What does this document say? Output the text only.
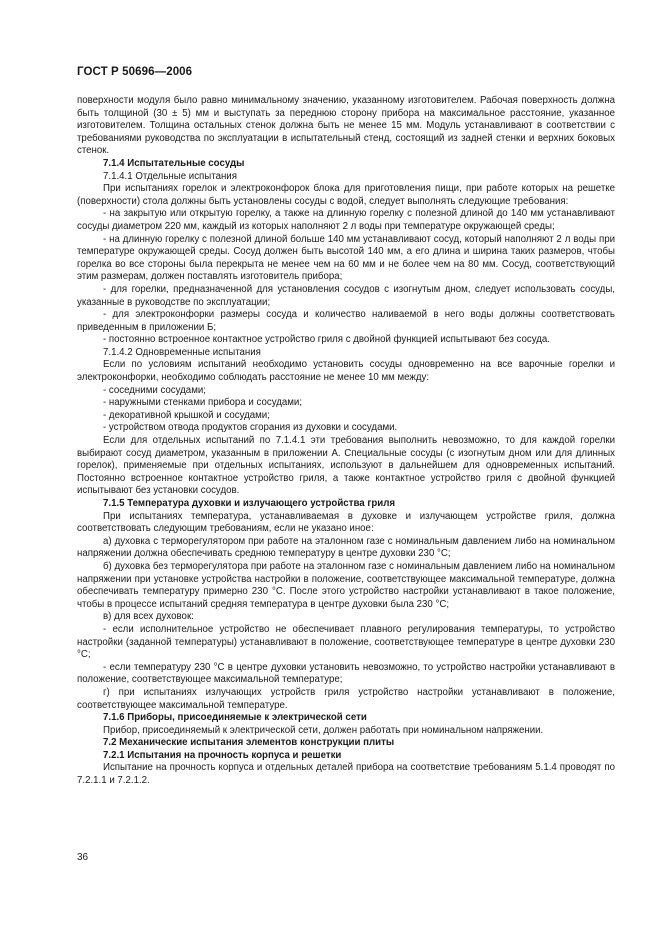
ГОСТ Р 50696—2006

поверхности модуля было равно минимальному значению, указанному изготовителем. Рабочая поверхность должна быть толщиной (30 ± 5) мм и выступать за переднюю сторону прибора на максимальное расстояние, указанное изготовителем. Толщина остальных стенок должна быть не менее 15 мм. Модуль устанавливают в соответствии с требованиями руководства по эксплуатации в испытательный стенд, состоящий из задней стенки и верхних боковых стенок.

7.1.4 Испытательные сосуды

7.1.4.1 Отдельные испытания

При испытаниях горелок и электроконфорок блока для приготовления пищи, при работе которых на решетке (поверхности) стола должны быть установлены сосуды с водой, следует выполнять следующие требования:

- на закрытую или открытую горелку, а также на длинную горелку с полезной длиной до 140 мм устанавливают сосуды диаметром 220 мм, каждый из которых наполняют 2 л воды при температуре окружающей среды;

- на длинную горелку с полезной длиной больше 140 мм устанавливают сосуд, который наполняют 2 л воды при температуре окружающей среды. Сосуд должен быть высотой 140 мм, а его длина и ширина таких размеров, чтобы горелка во все стороны была перекрыта не менее чем на 60 мм и не более чем на 80 мм. Сосуд, соответствующий этим размерам, должен поставлять изготовитель прибора;

- для горелки, предназначенной для установления сосудов с изогнутым дном, следует использовать сосуды, указанные в руководстве по эксплуатации;

- для электроконфорки размеры сосуда и количество наливаемой в него воды должны соответствовать приведенным в приложении Б;

- постоянно встроенное контактное устройство гриля с двойной функцией испытывают без сосуда.

7.1.4.2 Одновременные испытания

Если по условиям испытаний необходимо установить сосуды одновременно на все варочные горелки и электроконфорки, необходимо соблюдать расстояние не менее 10 мм между:

- соседними сосудами;

- наружными стенками прибора и сосудами;

- декоративной крышкой и сосудами;

- устройством отвода продуктов сгорания из духовки и сосудами.

Если для отдельных испытаний по 7.1.4.1 эти требования выполнить невозможно, то для каждой горелки выбирают сосуд диаметром, указанным в приложении А. Специальные сосуды (с изогнутым дном или для длинных горелок), применяемые при отдельных испытаниях, используют в дальнейшем для одновременных испытаний. Постоянно встроенное контактное устройство гриля, а также контактное устройство гриля с двойной функцией испытывают без установки сосудов.

7.1.5 Температура духовки и излучающего устройства гриля

При испытаниях температура, устанавливаемая в духовке и излучающем устройстве гриля, должна соответствовать следующим требованиям, если не указано иное:

а) духовка с терморегулятором при работе на эталонном газе с номинальным давлением либо на номинальном напряжении должна обеспечивать среднюю температуру в центре духовки 230 °С;

б) духовка без терморегулятора при работе на эталонном газе с номинальным давлением либо на номинальном напряжении при установке устройства настройки в положение, соответствующее максимальной температуре, должна обеспечивать температуру примерно 230 °С. После этого устройство настройки устанавливают в такое положение, чтобы в процессе испытаний средняя температура в центре духовки была 230 °С;

в) для всех духовок:

- если исполнительное устройство не обеспечивает плавного регулирования температуры, то устройство настройки (заданной температуры) устанавливают в положение, соответствующее температуре в центре духовки 230 °С;

- если температуру 230 °С в центре духовки установить невозможно, то устройство настройки устанавливают в положение, соответствующее максимальной температуре;

г) при испытаниях излучающих устройств гриля устройство настройки устанавливают в положение, соответствующее максимальной температуре.

7.1.6 Приборы, присоединяемые к электрической сети

Прибор, присоединяемый к электрической сети, должен работать при номинальном напряжении.

7.2 Механические испытания элементов конструкции плиты

7.2.1 Испытания на прочность корпуса и решетки

Испытание на прочность корпуса и отдельных деталей прибора на соответствие требованиям 5.1.4 проводят по 7.2.1.1 и 7.2.1.2.

36
